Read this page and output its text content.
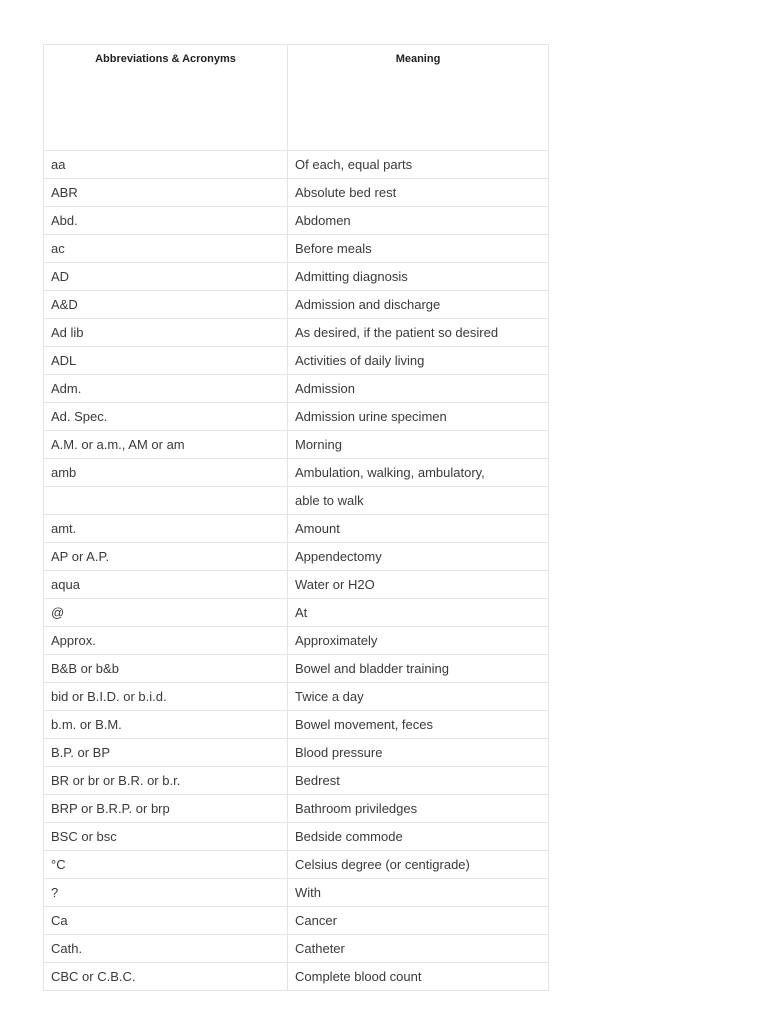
Abbreviations & Acronyms	Meaning
aa	Of each, equal parts
ABR	Absolute bed rest
Abd.	Abdomen
ac	Before meals
AD	Admitting diagnosis
A&D	Admission and discharge
Ad lib	As desired, if the patient so desired
ADL	Activities of daily living
Adm.	Admission
Ad. Spec.	Admission urine specimen
A.M. or a.m., AM or am	Morning
amb	Ambulation, walking, ambulatory,
	able to walk
amt.	Amount
AP or A.P.	Appendectomy
aqua	Water or H2O
@	At
Approx.	Approximately
B&B or b&b	Bowel and bladder training
bid or B.I.D. or b.i.d.	Twice a day
b.m. or B.M.	Bowel movement, feces
B.P. or BP	Blood pressure
BR or br or B.R. or b.r.	Bedrest
BRP or B.R.P. or brp	Bathroom priviledges
BSC or bsc	Bedside commode
°C	Celsius degree (or centigrade)
?	With
Ca	Cancer
Cath.	Catheter
CBC or C.B.C.	Complete blood count
